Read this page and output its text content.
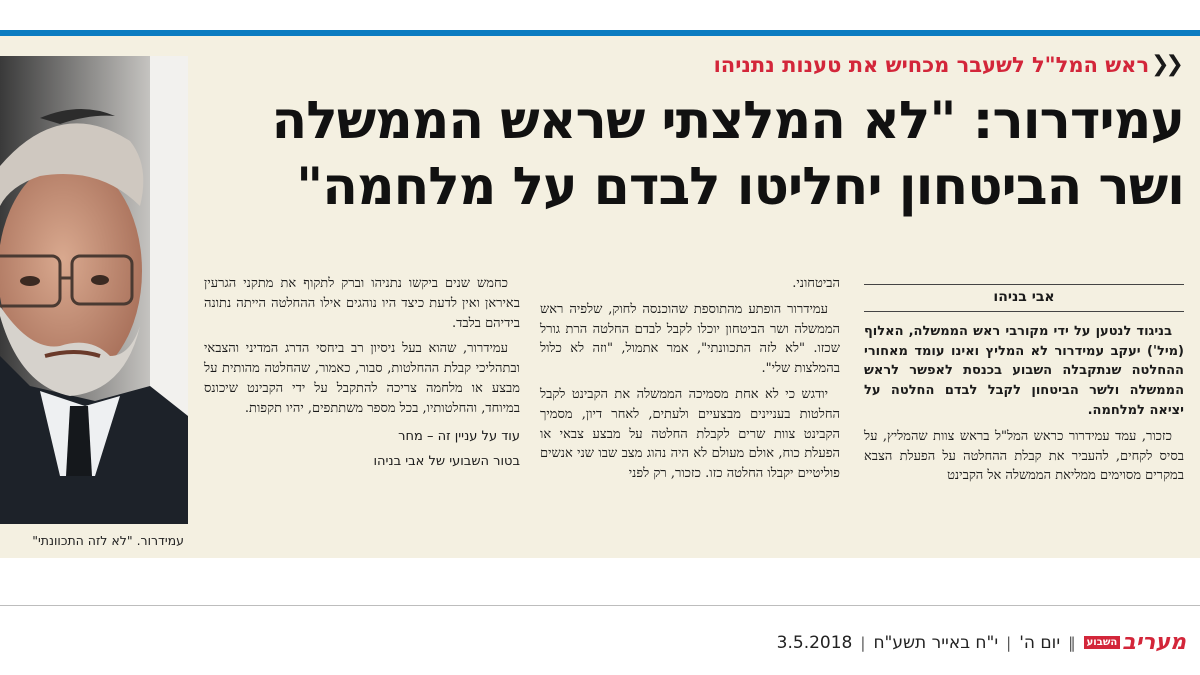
עמידרור. "לא לזה התכוונתי"
❯❯
ראש המל"ל לשעבר מכחיש את טענות נתניהו
עמידרור: "לא המלצתי שראש הממשלה
ושר הביטחון יחליטו לבדם על מלחמה"

אבי בניהו

בניגוד לנטען על ידי מקורבי ראש הממשלה, האלוף (מיל') יעקב עמידרור לא המליץ ואינו עומד מאחורי ההחלטה שנתקבלה השבוע בכנסת לאפשר לראש הממשלה ולשר הביטחון לקבל לבדם החלטה על יציאה למלחמה.

כזכור, עמד עמידרור כראש המל"ל בראש צוות שהמליץ, על בסיס לקחים, להעביר את קבלת ההחלטה על הפעלת הצבא במקרים מסוימים ממליאת הממשלה אל הקבינט

הביטחוני.

עמידרור הופתע מהתוספת שהוכנסה לחוק, שלפיה ראש הממשלה ושר הביטחון יוכלו לקבל לבדם החלטה הרת גורל שכזו. "לא לזה התכוונתי", אמר אתמול, "וזה לא כלול בהמלצות שלי".

יודגש כי לא אחת מסמיכה הממשלה את הקבינט לקבל החלטות בעניינים מבצעיים ולעתים, לאחר דיון, מסמיך הקבינט צוות שרים לקבלת החלטה על מבצע צבאי או הפעלת כוח, אולם מעולם לא היה נהוג מצב שבו שני אנשים פוליטיים יקבלו החלטה כזו. כזכור, רק לפני

כחמש שנים ביקשו נתניהו וברק לתקוף את מתקני הגרעין באיראן ואין לדעת כיצד היו נוהגים אילו ההחלטה הייתה נתונה בידיהם בלבד.

עמידרור, שהוא בעל ניסיון רב ביחסי הדרג המדיני והצבאי ובתהליכי קבלת ההחלטות, סבור, כאמור, שהחלטה מהותית על מבצע או מלחמה צריכה להתקבל על ידי הקבינט שיכונס במיוחד, והחלטותיו, בכל מספר משתתפים, יהיו תקפות.

עוד על עניין זה – מחר

בטור השבועי של אבי בניהו

מעריב
השבוע
‖
יום ה'
|
י"ח באייר תשע"ח
|
3.5.2018
